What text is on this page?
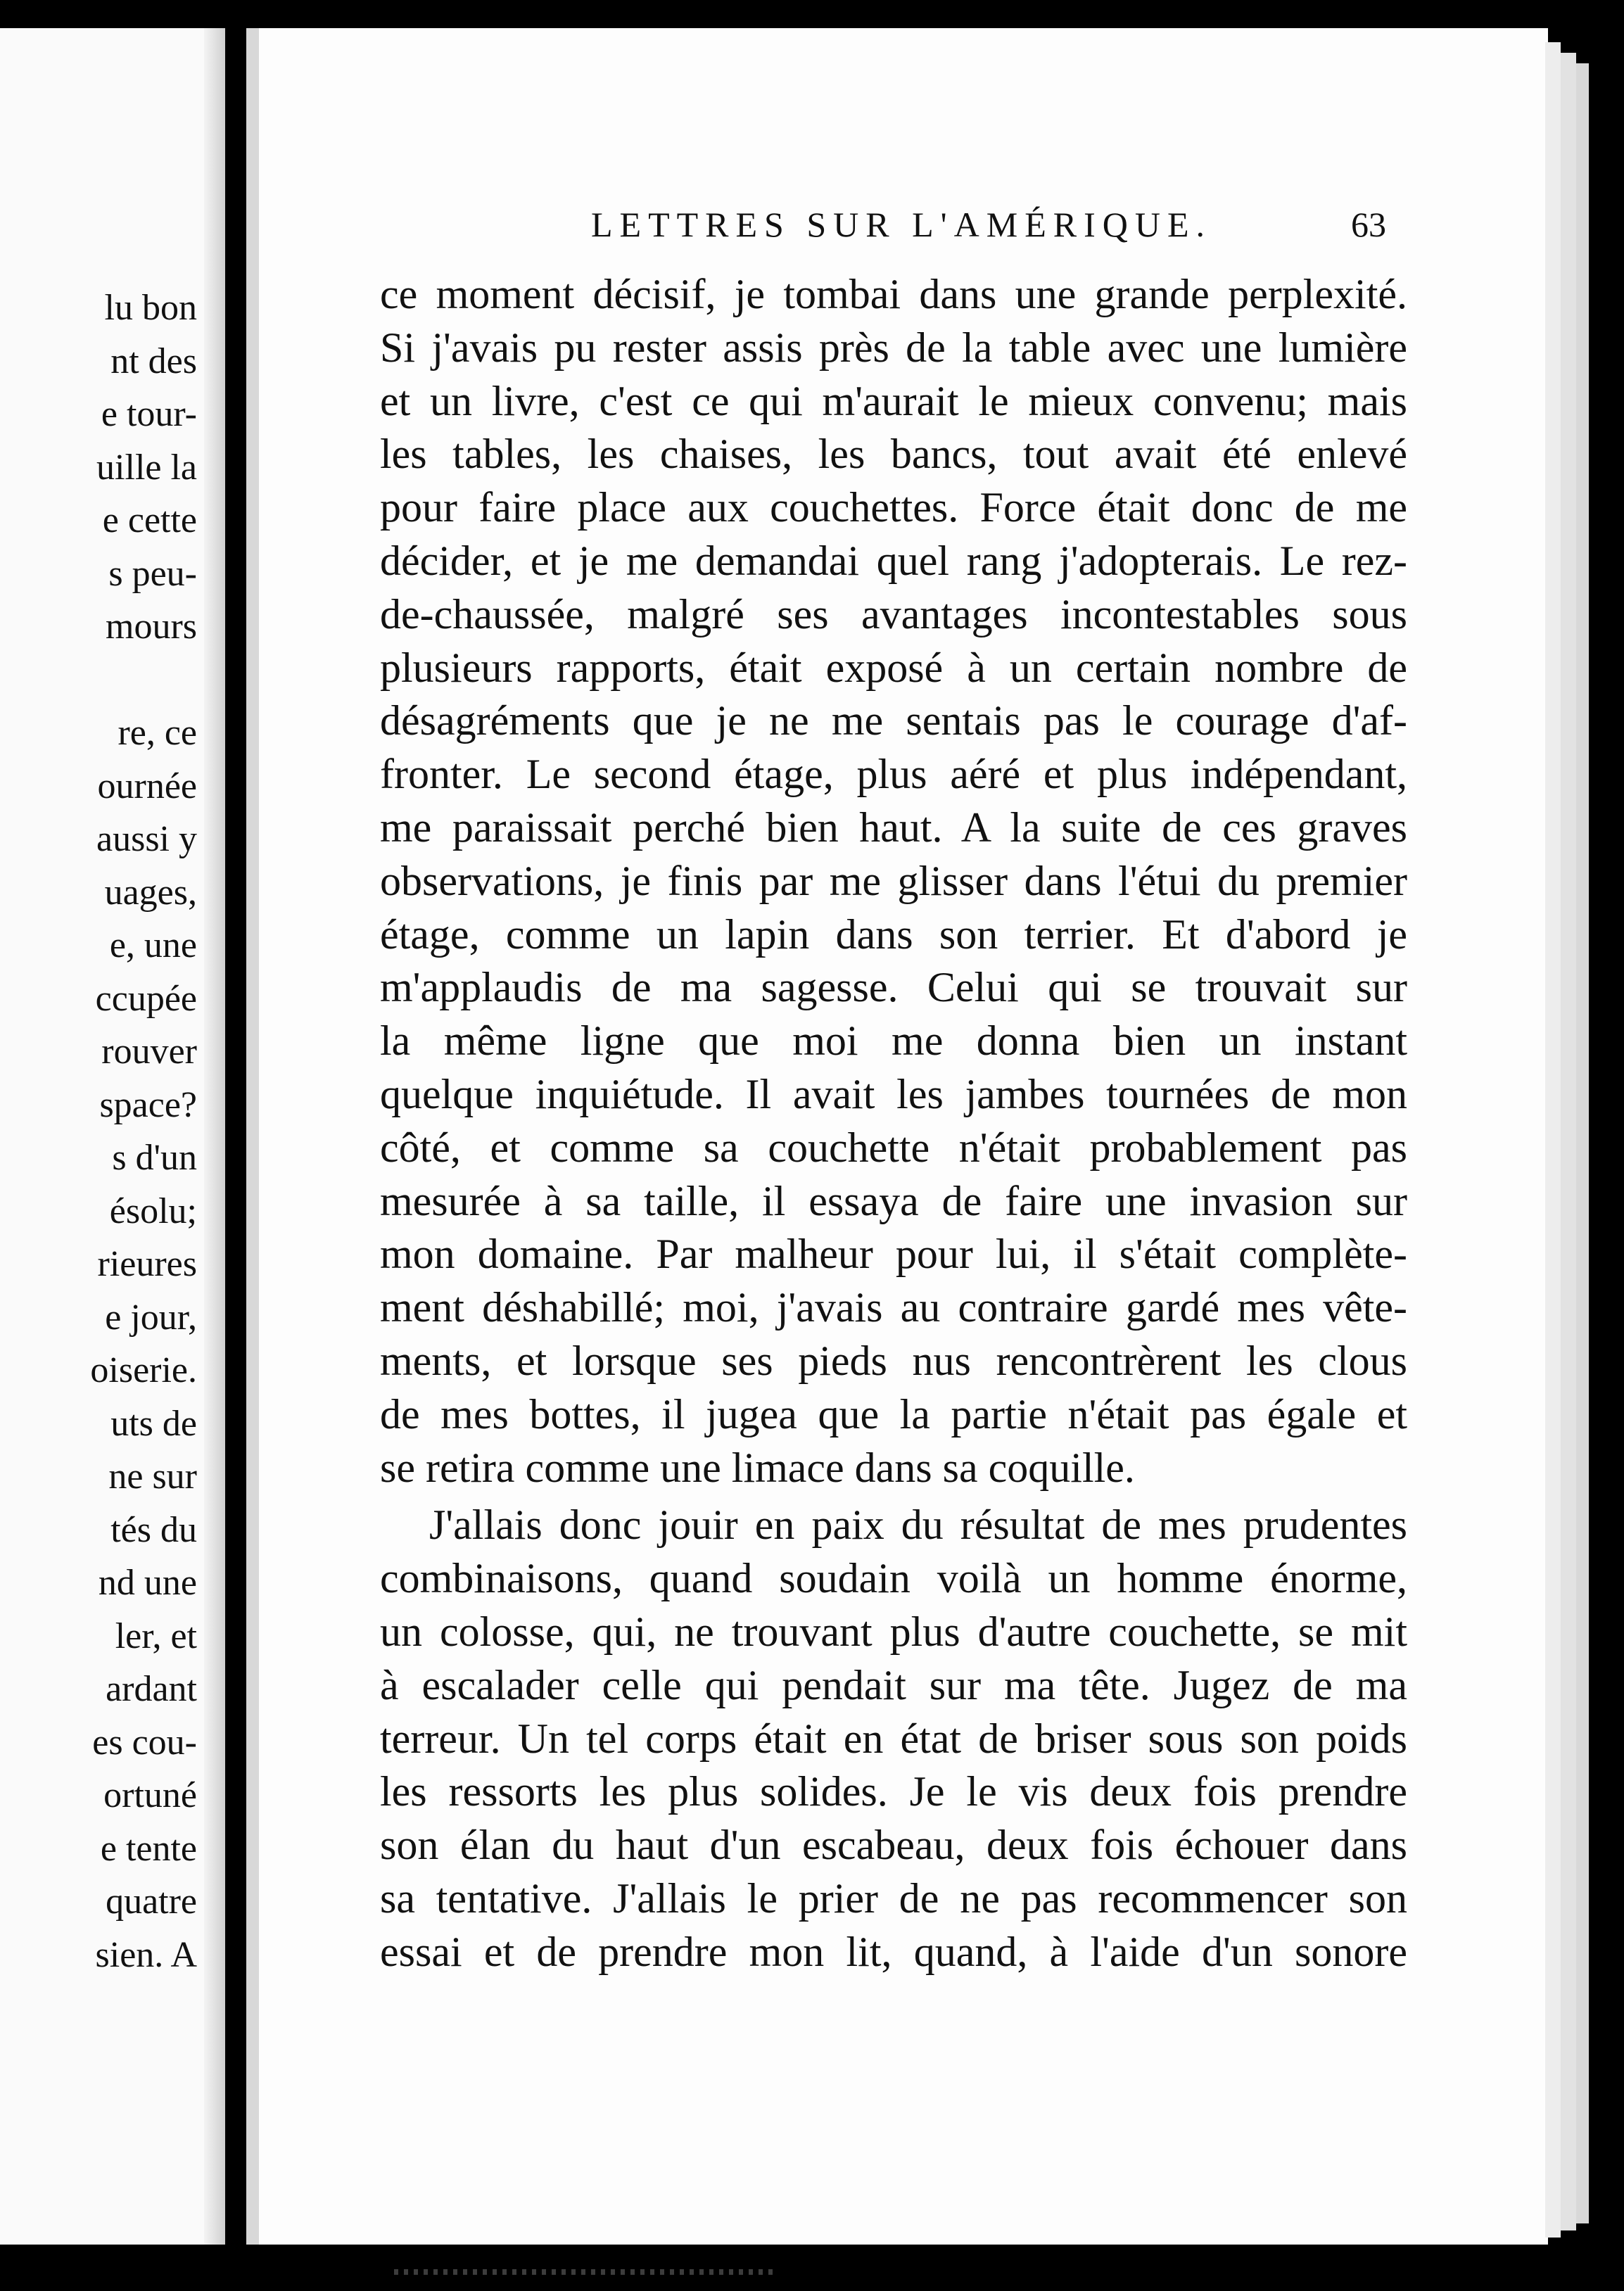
lu bon
nt des
e tour-
uille la
e cette
s peu-
mours
re, ce
ournée
aussi y
uages,
e, une
ccupée
rouver
space?
s d'un
ésolu;
rieures
e jour,
oiserie.
uts de
ne sur
tés du
nd une
ler, et
ardant
es cou-
ortuné
e tente
quatre
sien. A
LETTRES SUR L'AMÉRIQUE.	63
ce moment décisif, je tombai dans une grande perplexité.
Si j'avais pu rester assis près de la table avec une lumière
et un livre, c'est ce qui m'aurait le mieux convenu; mais
les tables, les chaises, les bancs, tout avait été enlevé
pour faire place aux couchettes. Force était donc de me
décider, et je me demandai quel rang j'adopterais. Le rez-
de-chaussée, malgré ses avantages incontestables sous
plusieurs rapports, était exposé à un certain nombre de
désagréments que je ne me sentais pas le courage d'af-
fronter. Le second étage, plus aéré et plus indépendant,
me paraissait perché bien haut. A la suite de ces graves
observations, je finis par me glisser dans l'étui du premier
étage, comme un lapin dans son terrier. Et d'abord je
m'applaudis de ma sagesse. Celui qui se trouvait sur
la même ligne que moi me donna bien un instant
quelque inquiétude. Il avait les jambes tournées de mon
côté, et comme sa couchette n'était probablement pas
mesurée à sa taille, il essaya de faire une invasion sur
mon domaine. Par malheur pour lui, il s'était complète-
ment déshabillé; moi, j'avais au contraire gardé mes vête-
ments, et lorsque ses pieds nus rencontrèrent les clous
de mes bottes, il jugea que la partie n'était pas égale et
se retira comme une limace dans sa coquille.
J'allais donc jouir en paix du résultat de mes prudentes
combinaisons, quand soudain voilà un homme énorme,
un colosse, qui, ne trouvant plus d'autre couchette, se mit
à escalader celle qui pendait sur ma tête. Jugez de ma
terreur. Un tel corps était en état de briser sous son poids
les ressorts les plus solides. Je le vis deux fois prendre
son élan du haut d'un escabeau, deux fois échouer dans
sa tentative. J'allais le prier de ne pas recommencer son
essai et de prendre mon lit, quand, à l'aide d'un sonore
